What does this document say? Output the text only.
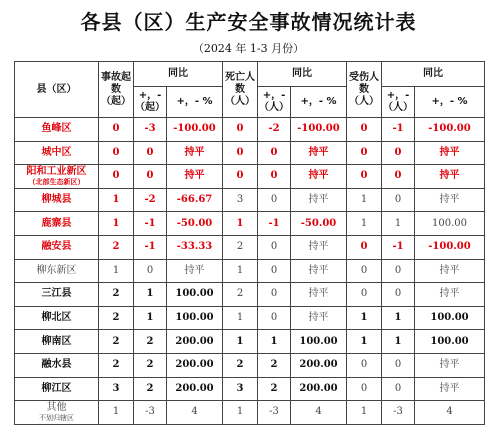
各县（区）生产安全事故情况统计表
（2024 年 1-3 月份）
县（区）	事故起数（起）	同比		死亡人数（人）	同比		受伤人数（人）	同比	
		+，-（起）	+，- %		+，-（人）	+，- %		+，-（人）	+，- %
鱼峰区	0	-3	-100.00	0	-2	-100.00	0	-1	-100.00
城中区	0	0	持平	0	0	持平	0	0	持平
阳和工业新区
（北部生态新区）	0	0	持平	0	0	持平	0	0	持平
柳城县	1	-2	-66.67	3	0	持平	1	0	持平
鹿寨县	1	-1	-50.00	1	-1	-50.00	1	1	100.00
融安县	2	-1	-33.33	2	0	持平	0	-1	-100.00
柳东新区	1	0	持平	1	0	持平	0	0	持平
三江县	2	1	100.00	2	0	持平	0	0	持平
柳北区	2	1	100.00	1	0	持平	1	1	100.00
柳南区	2	2	200.00	1	1	100.00	1	1	100.00
融水县	2	2	200.00	2	2	200.00	0	0	持平
柳江区	3	2	200.00	3	2	200.00	0	0	持平
其他
不划归辖区	1	-3	4	1	-3	4	1	-3	4
